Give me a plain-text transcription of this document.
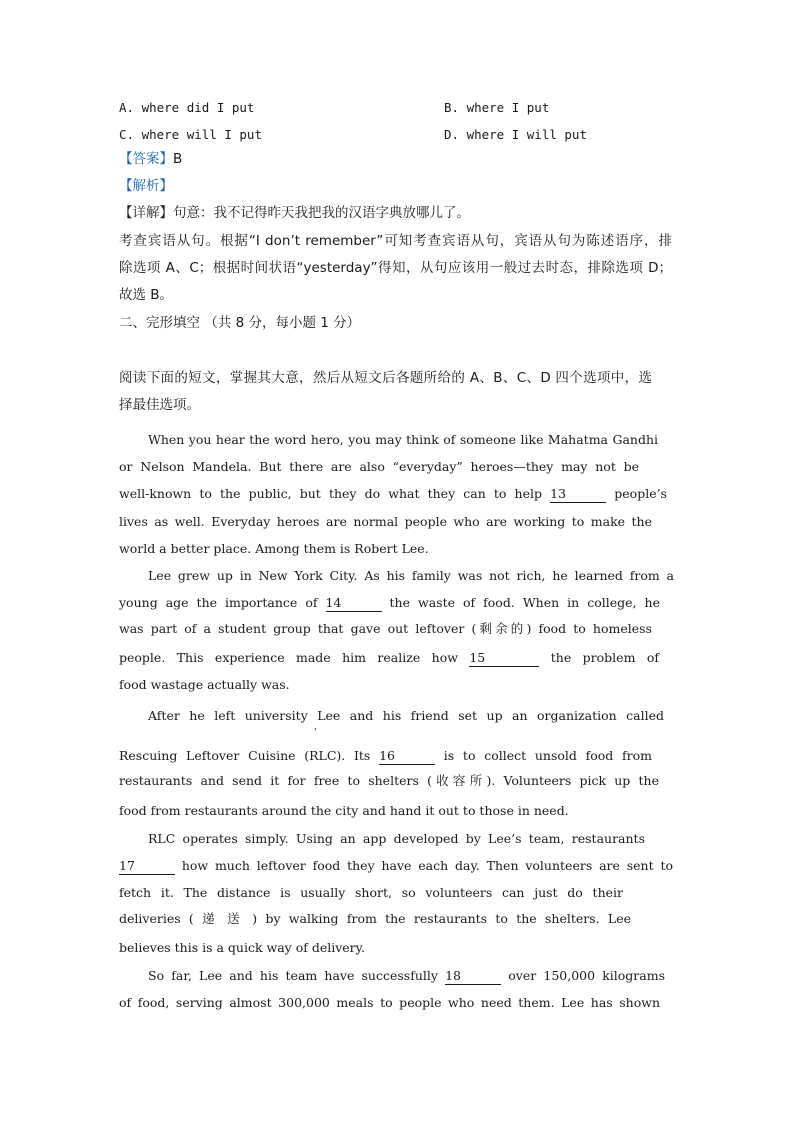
A. where did I put	B. where I put
C. where will I put	D. where I will put
【答案】B
【解析】
【详解】句意：我不记得昨天我把我的汉语字典放哪儿了。
考查宾语从句。根据“I don’t remember”可知考查宾语从句，宾语从句为陈述语序，排
除选项 A、C；根据时间状语“yesterday”得知，从句应该用一般过去时态，排除选项 D；
故选 B。
二、完形填空 （共 8 分，每小题 1 分）
阅读下面的短文，掌握其大意，然后从短文后各题所给的 A、B、C、D 四个选项中，选
择最佳选项。
When you hear the word hero, you may think of someone like Mahatma Gandhi
or Nelson Mandela. But there are also “everyday” heroes—they may not be
well-known to the public, but they do what they can to help 13	people’s
lives as well. Everyday heroes are normal people who are working to make the
world a better place. Among them is Robert Lee.
Lee grew up in New York City. As his family was not rich, he learned from a
young age the importance of 14	the waste of food. When in college, he
was part of a student group that gave out leftover (剩余的) food to homeless
people. This experience made him realize how 15	the problem of
food wastage actually was.
After he left university Lee and his friend set up an organization called
，
Rescuing Leftover Cuisine (RLC). Its 16	is to collect unsold food from
restaurants and send it for free to shelters (收容所). Volunteers pick up the
food from restaurants around the city and hand it out to those in need.
RLC operates simply. Using an app developed by Lee’s team, restaurants
17	how much leftover food they have each day. Then volunteers are sent to
fetch it. The distance is usually short, so volunteers can just do their
deliveries ( 递 送 ) by walking from the restaurants to the shelters. Lee
believes this is a quick way of delivery.
So far, Lee and his team have successfully 18	over 150,000 kilograms
of food, serving almost 300,000 meals to people who need them. Lee has shown
